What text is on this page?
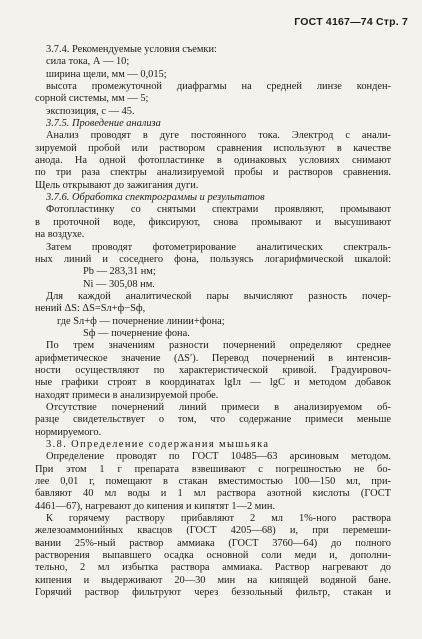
ГОСТ 4167—74 Стр. 7
3.7.4. Рекомендуемые условия съемки:
сила тока, А — 10;
ширина щели, мм — 0,015;
высота промежуточной диафрагмы на средней линзе конден-
сорной системы, мм — 5;
экспозиция, с — 45.
3.7.5. Проведение анализа
Анализ проводят в дуге постоянного тока. Электрод с анали-
зируемой пробой или раствором сравнения используют в качестве
анода. На одной фотопластинке в одинаковых условиях снимают
по три раза спектры анализируемой пробы и растворов сравнения.
Щель открывают до зажигания дуги.
3.7.6. Обработка спектрограммы и результатов
Фотопластинку со снятыми спектрами проявляют, промывают
в проточной воде, фиксируют, снова промывают и высушивают
на воздухе.
Затем проводят фотометрирование аналитических спектраль-
ных линий и соседнего фона, пользуясь логарифмической шкалой:
Pb — 283,31 нм;
Ni — 305,08 нм.
Для каждой аналитической пары вычисляют разность почер-
нений ΔS: ΔS=Sл+ф−Sф,
где Sл+ф — почернение линии+фона;
Sф — почернение фона.
По трем значениям разности почернений определяют среднее
арифметическое значение (ΔS′). Перевод почернений в интенсив-
ности осуществляют по характеристической кривой. Градуировоч-
ные графики строят в координатах lgIл — lgC и методом добавок
находят примеси в анализируемой пробе.
Отсутствие почернений линий примеси в анализируемом об-
разце свидетельствует о том, что содержание примеси меньше
нормируемого.
3.8. Определение содержания мышьяка
Определение проводят по ГОСТ 10485—63 арсиновым методом.
При этом 1 г препарата взвешивают с погрешностью не бо-
лее 0,01 г, помещают в стакан вместимостью 100—150 мл, при-
бавляют 40 мл воды и 1 мл раствора азотной кислоты (ГОСТ
4461—67), нагревают до кипения и кипятят 1—2 мин.
К горячему раствору прибавляют 2 мл 1%-ного раствора
железоаммонийных квасцов (ГОСТ 4205—68) и, при перемеши-
вании 25%-ный раствор аммиака (ГОСТ 3760—64) до полного
растворения выпавшего осадка основной соли меди и, дополни-
тельно, 2 мл избытка раствора аммиака. Раствор нагревают до
кипения и выдерживают 20—30 мин на кипящей водяной бане.
Горячий раствор фильтруют через беззольный фильтр, стакан и
